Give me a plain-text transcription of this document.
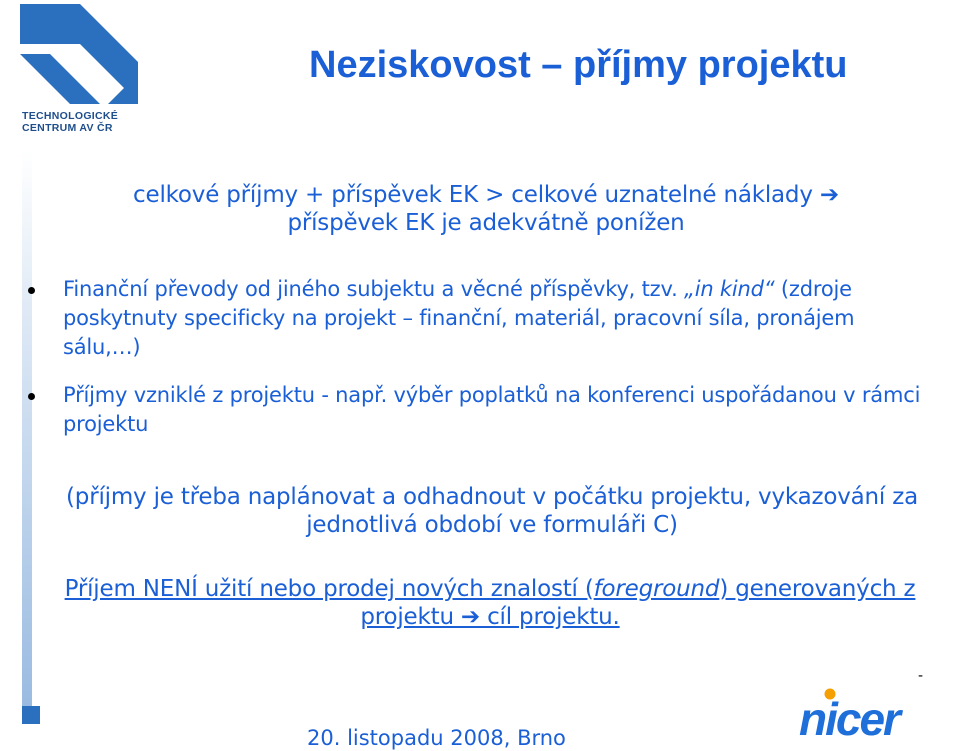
TECHNOLOGICKÉ
CENTRUM AV ČR
Neziskovost – příjmy projektu
celkové příjmy + příspěvek EK > celkové uznatelné náklady ➔
příspěvek EK je adekvátně ponížen
Finanční převody od jiného subjektu a věcné příspěvky, tzv. „in kind“ (zdroje poskytnuty specificky na projekt – finanční, materiál, pracovní síla, pronájem sálu,…)
Příjmy vzniklé z projektu - např. výběr poplatků na konferenci uspořádanou v rámci projektu
(příjmy je třeba naplánovat a odhadnout v počátku projektu, vykazování za jednotlivá období ve formuláři C)
Příjem NENÍ užití nebo prodej nových znalostí (foreground) generovaných z projektu ➔ cíl projektu.
20. listopadu 2008, Brno
-
nicer
